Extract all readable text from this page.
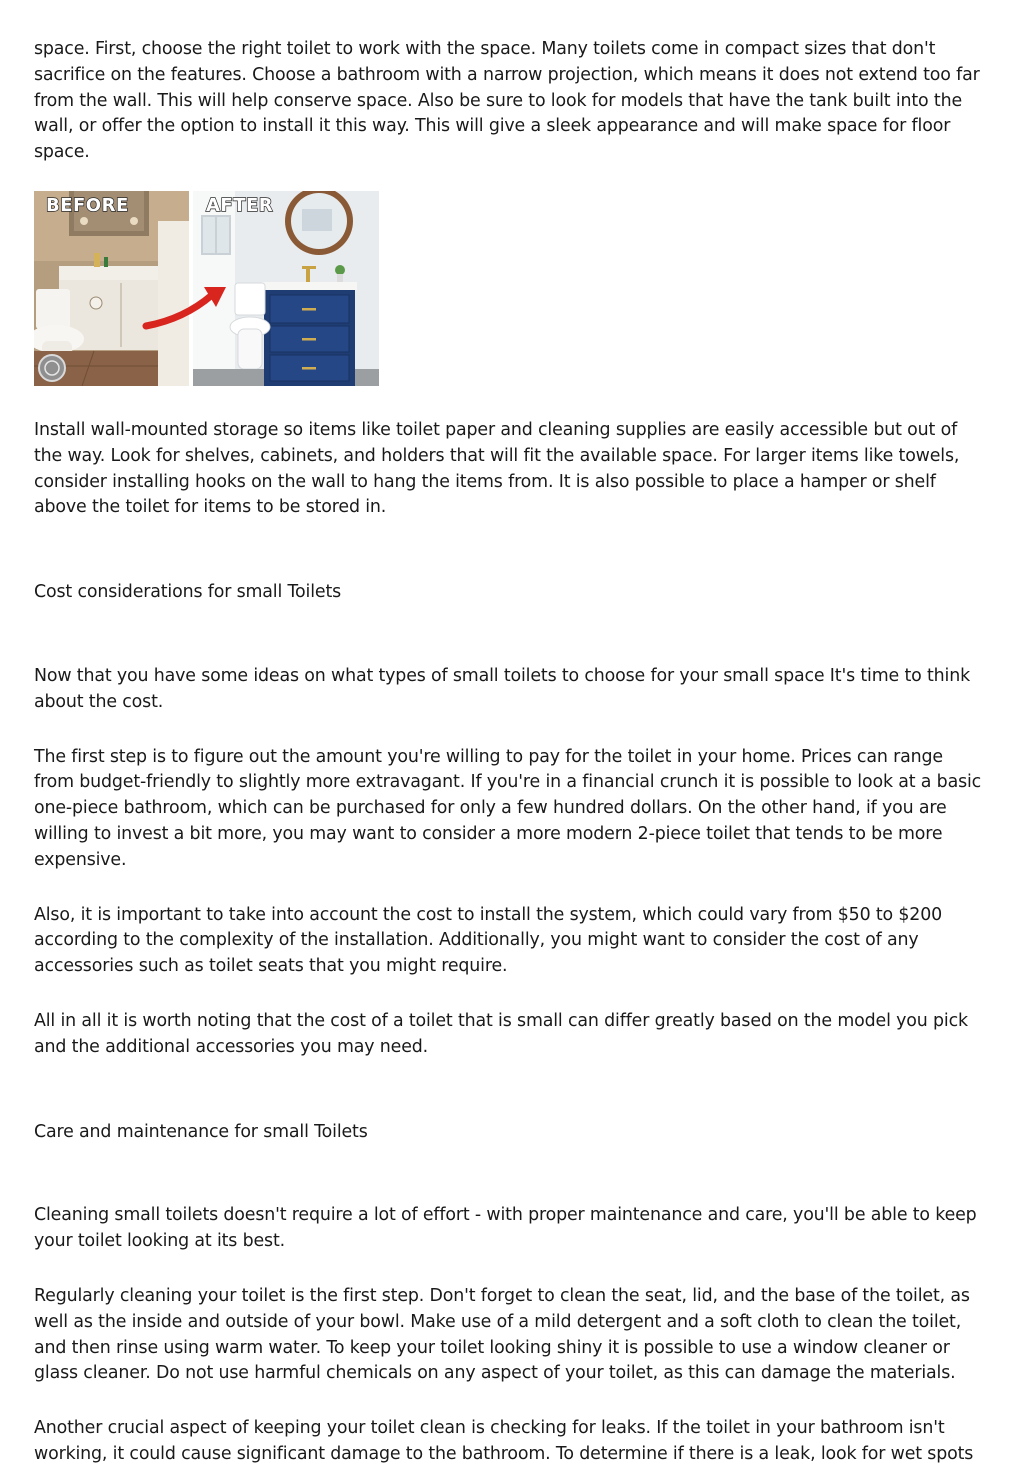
space. First, choose the right toilet to work with the space. Many toilets come in compact sizes that don't sacrifice on the features. Choose a bathroom with a narrow projection, which means it does not extend too far from the wall. This will help conserve space. Also be sure to look for models that have the tank built into the wall, or offer the option to install it this way. This will give a sleek appearance and will make space for floor space.

BEFORE	AFTER

Install wall-mounted storage so items like toilet paper and cleaning supplies are easily accessible but out of the way. Look for shelves, cabinets, and holders that will fit the available space. For larger items like towels, consider installing hooks on the wall to hang the items from. It is also possible to place a hamper or shelf above the toilet for items to be stored in.

Cost considerations for small Toilets

Now that you have some ideas on what types of small toilets to choose for your small space It's time to think about the cost.

The first step is to figure out the amount you're willing to pay for the toilet in your home. Prices can range from budget-friendly to slightly more extravagant. If you're in a financial crunch it is possible to look at a basic one-piece bathroom, which can be purchased for only a few hundred dollars. On the other hand, if you are willing to invest a bit more, you may want to consider a more modern 2-piece toilet that tends to be more expensive.

Also, it is important to take into account the cost to install the system, which could vary from $50 to $200 according to the complexity of the installation. Additionally, you might want to consider the cost of any accessories such as toilet seats that you might require.

All in all it is worth noting that the cost of a toilet that is small can differ greatly based on the model you pick and the additional accessories you may need.

Care and maintenance for small Toilets

Cleaning small toilets doesn't require a lot of effort - with proper maintenance and care, you'll be able to keep your toilet looking at its best.

Regularly cleaning your toilet is the first step. Don't forget to clean the seat, lid, and the base of the toilet, as well as the inside and outside of your bowl. Make use of a mild detergent and a soft cloth to clean the toilet, and then rinse using warm water. To keep your toilet looking shiny it is possible to use a window cleaner or glass cleaner. Do not use harmful chemicals on any aspect of your toilet, as this can damage the materials.

Another crucial aspect of keeping your toilet clean is checking for leaks. If the toilet in your bathroom isn't working, it could cause significant damage to the bathroom. To determine if there is a leak, look for wet spots
